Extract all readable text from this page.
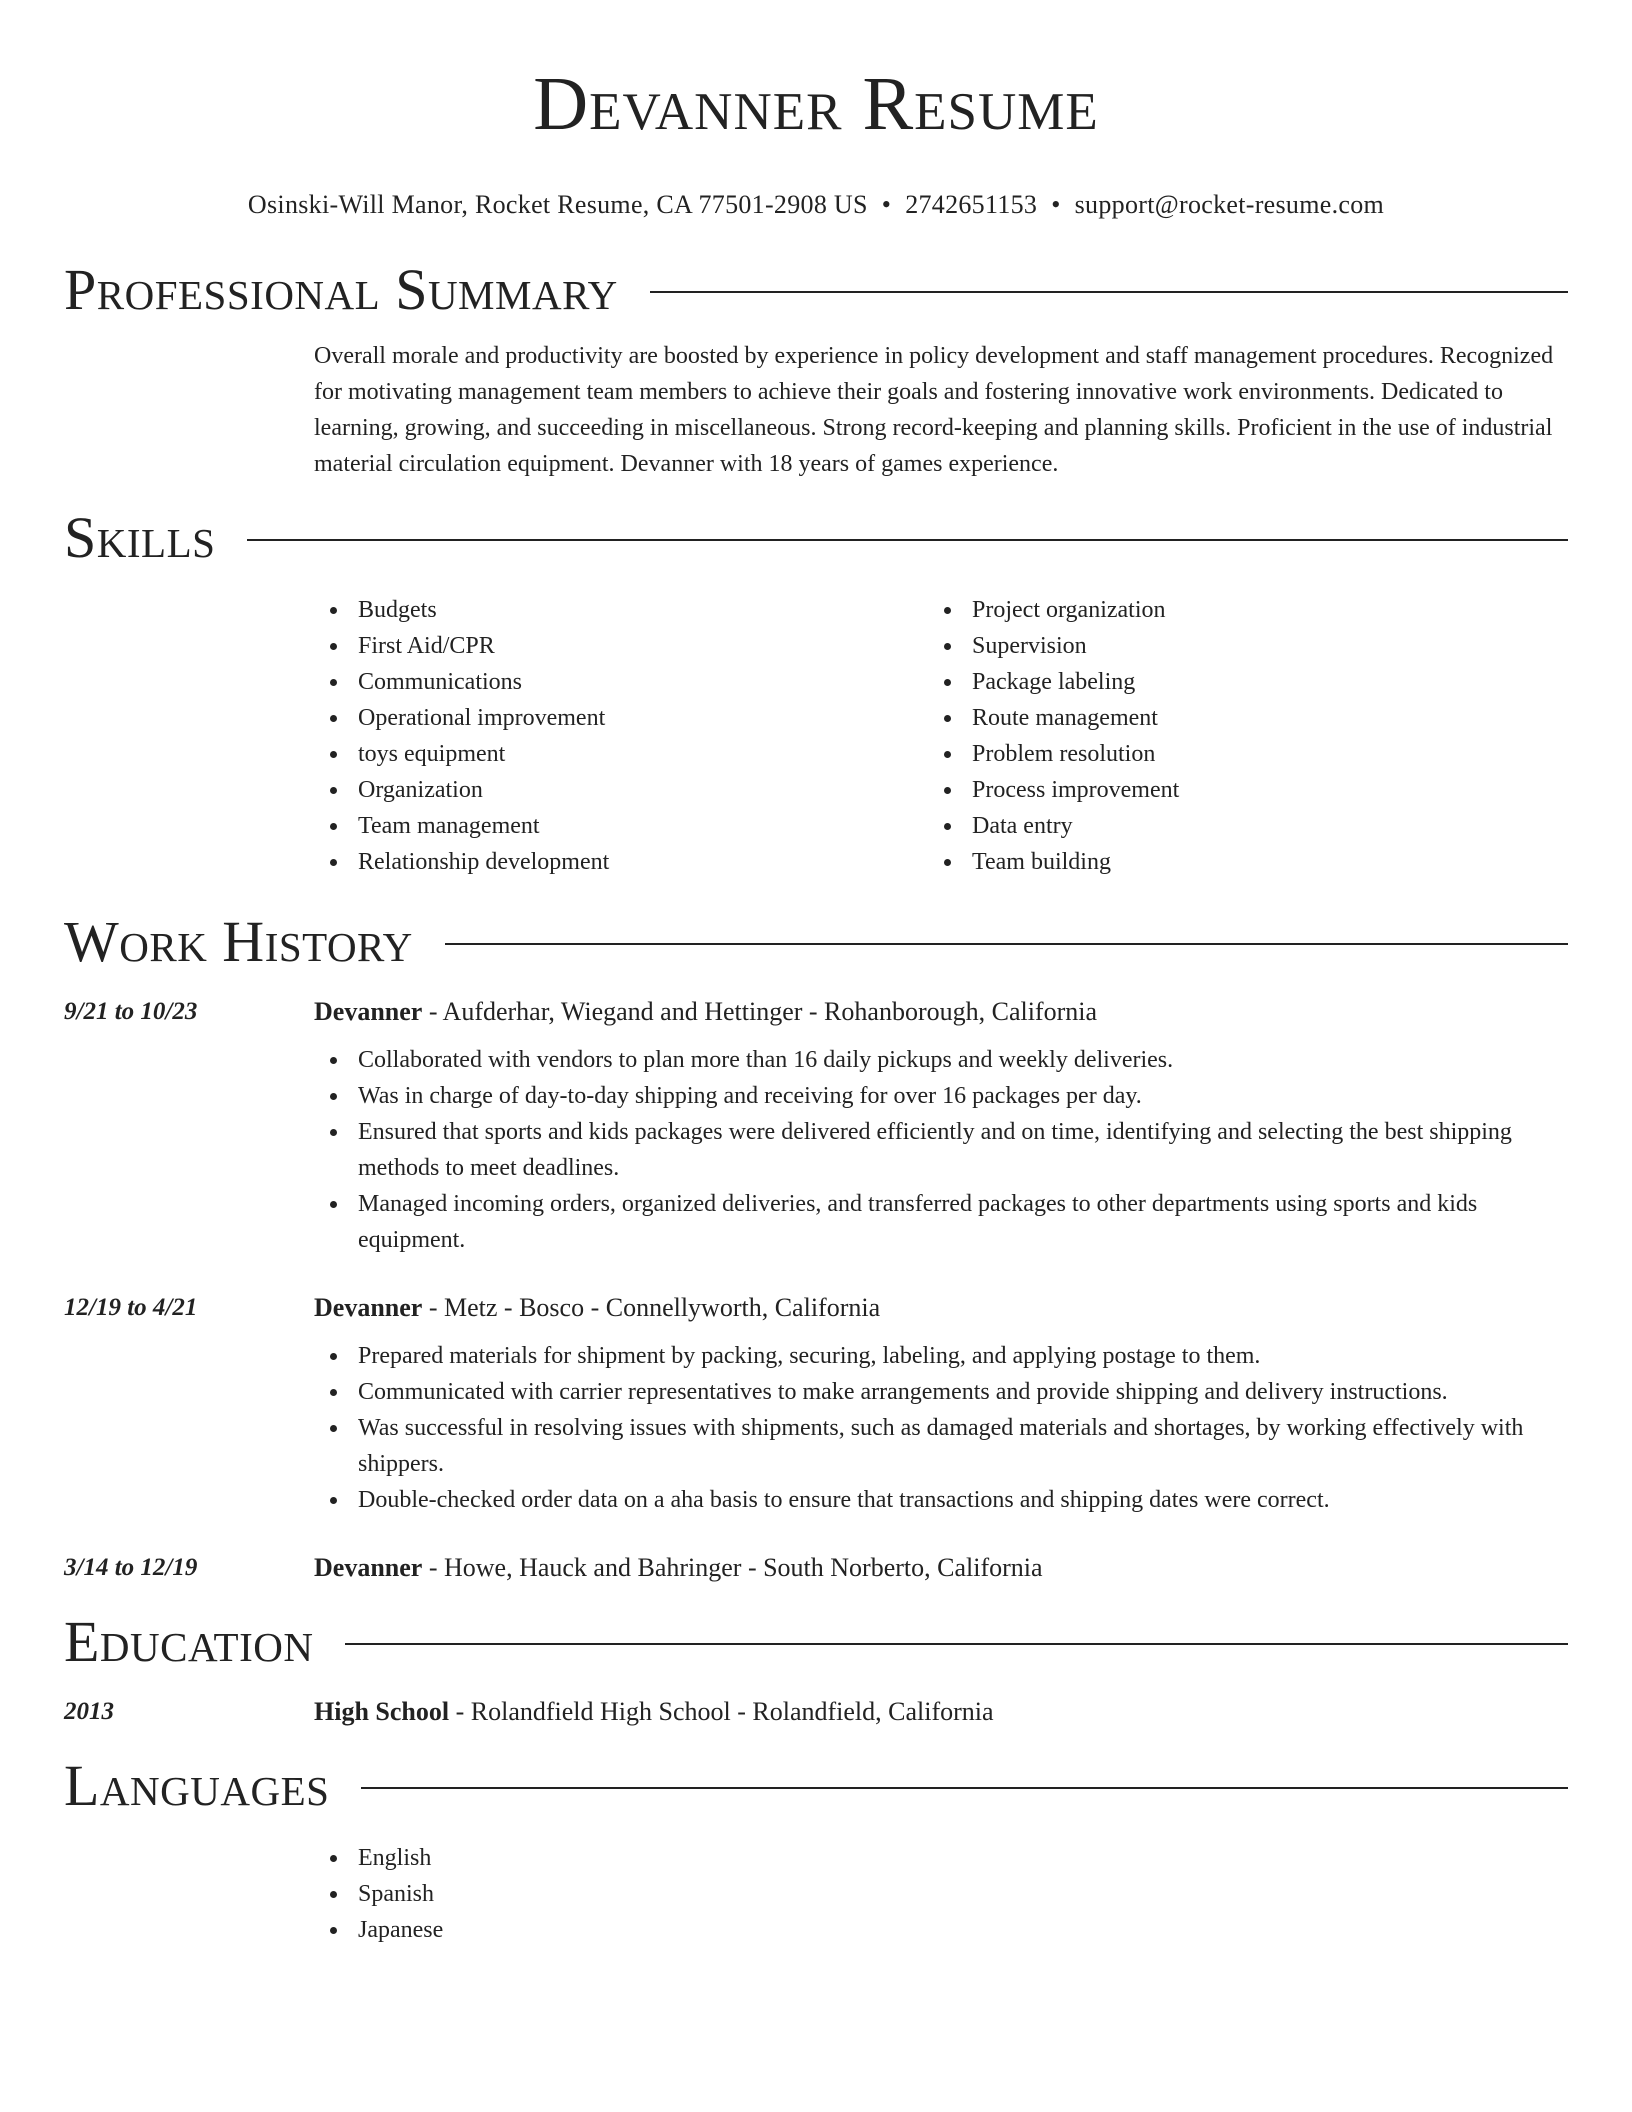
Devanner Resume
Osinski-Will Manor, Rocket Resume, CA 77501-2908 US • 2742651153 • support@rocket-resume.com
Professional Summary
Overall morale and productivity are boosted by experience in policy development and staff management procedures. Recognized for motivating management team members to achieve their goals and fostering innovative work environments. Dedicated to learning, growing, and succeeding in miscellaneous. Strong record-keeping and planning skills. Proficient in the use of industrial material circulation equipment. Devanner with 18 years of games experience.
Skills
Budgets
First Aid/CPR
Communications
Operational improvement
toys equipment
Organization
Team management
Relationship development
Project organization
Supervision
Package labeling
Route management
Problem resolution
Process improvement
Data entry
Team building
Work History
9/21 to 10/23	Devanner - Aufderhar, Wiegand and Hettinger - Rohanborough, California
Collaborated with vendors to plan more than 16 daily pickups and weekly deliveries.
Was in charge of day-to-day shipping and receiving for over 16 packages per day.
Ensured that sports and kids packages were delivered efficiently and on time, identifying and selecting the best shipping methods to meet deadlines.
Managed incoming orders, organized deliveries, and transferred packages to other departments using sports and kids equipment.
12/19 to 4/21	Devanner - Metz - Bosco - Connellyworth, California
Prepared materials for shipment by packing, securing, labeling, and applying postage to them.
Communicated with carrier representatives to make arrangements and provide shipping and delivery instructions.
Was successful in resolving issues with shipments, such as damaged materials and shortages, by working effectively with shippers.
Double-checked order data on a aha basis to ensure that transactions and shipping dates were correct.
3/14 to 12/19	Devanner - Howe, Hauck and Bahringer - South Norberto, California
Education
2013	High School - Rolandfield High School - Rolandfield, California
Languages
English
Spanish
Japanese
